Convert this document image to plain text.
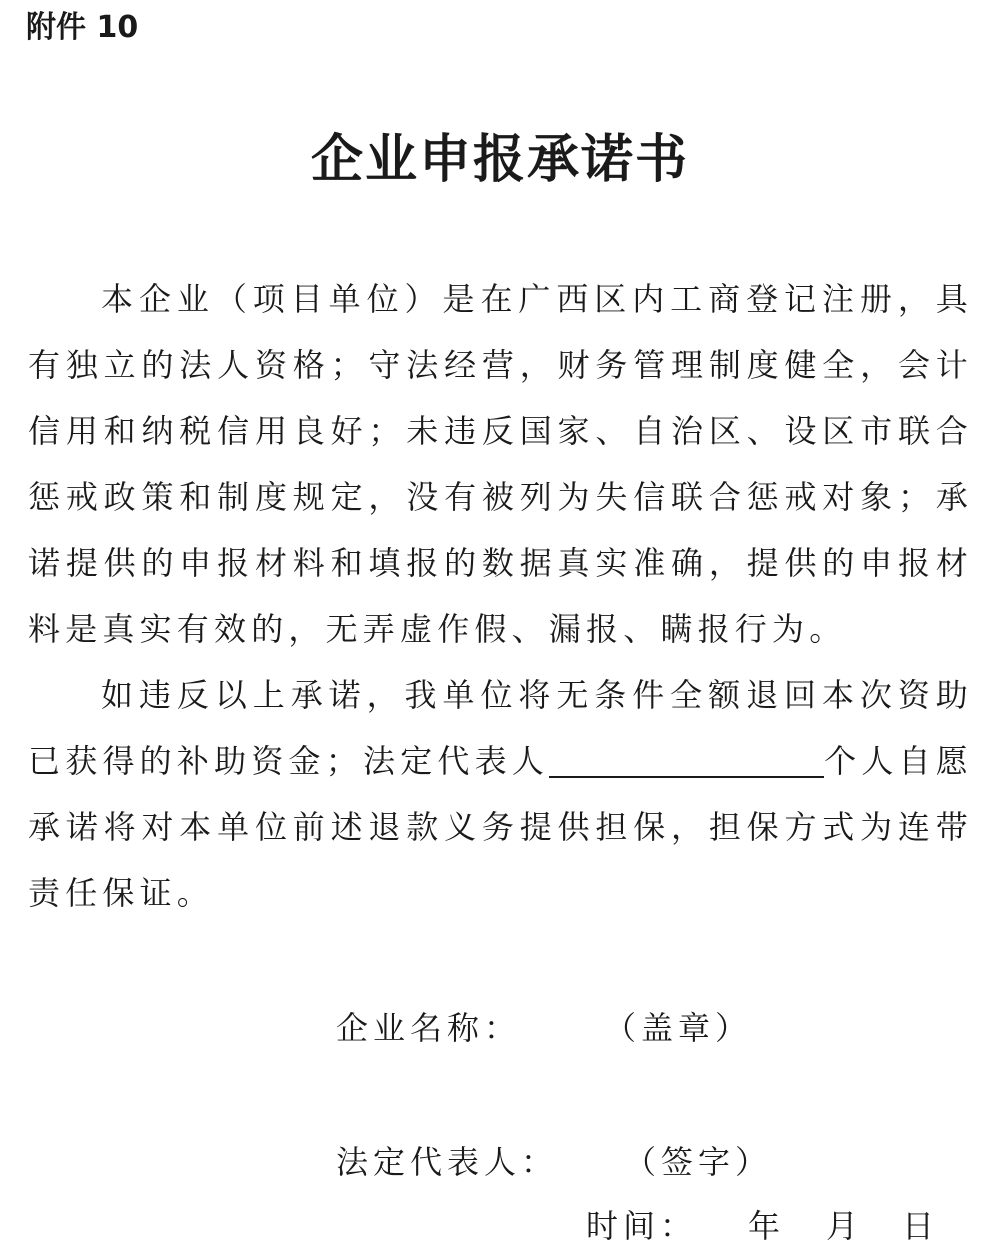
附件 10
企业申报承诺书

本企业（项目单位）是在广西区内工商登记注册，具有独立的法人资格；守法经营，财务管理制度健全，会计信用和纳税信用良好；未违反国家、自治区、设区市联合惩戒政策和制度规定，没有被列为失信联合惩戒对象；承诺提供的申报材料和填报的数据真实准确，提供的申报材料是真实有效的，无弄虚作假、漏报、瞒报行为。

如违反以上承诺，我单位将无条件全额退回本次资助已获得的补助资金；法定代表人	个人自愿承诺将对本单位前述退款义务提供担保，担保方式为连带责任保证。

企业名称：	（盖章）
法定代表人： （签字）
时间： 年 月 日
